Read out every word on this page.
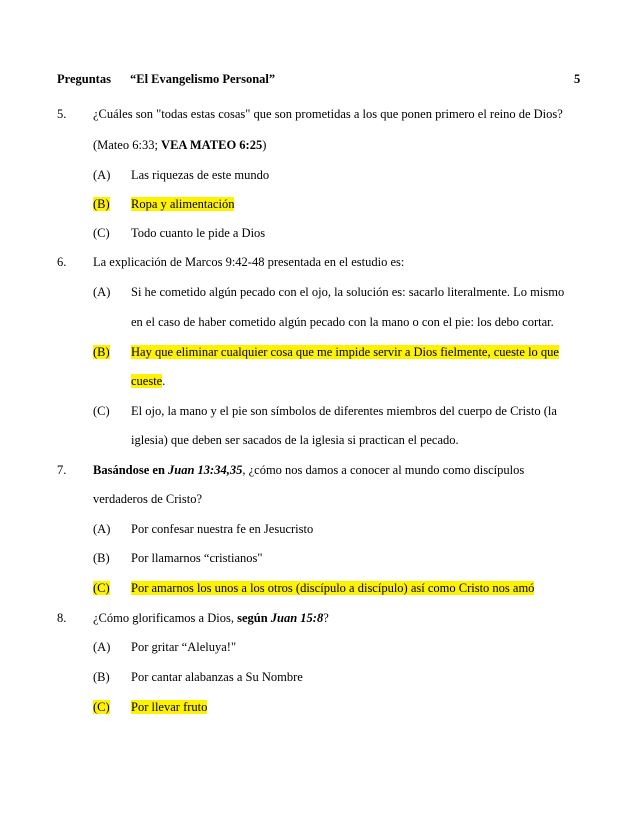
Preguntas “El Evangelismo Personal”	5
5. ¿Cuáles son "todas estas cosas" que son prometidas a los que ponen primero el reino de Dios?
(Mateo 6:33; VEA MATEO 6:25)
(A) Las riquezas de este mundo
(B) Ropa y alimentación
(C) Todo cuanto le pide a Dios
6. La explicación de Marcos 9:42-48 presentada en el estudio es:
(A) Si he cometido algún pecado con el ojo, la solución es: sacarlo literalmente. Lo mismo
en el caso de haber cometido algún pecado con la mano o con el pie: los debo cortar.
(B) Hay que eliminar cualquier cosa que me impide servir a Dios fielmente, cueste lo que
cueste.
(C) El ojo, la mano y el pie son símbolos de diferentes miembros del cuerpo de Cristo (la
iglesia) que deben ser sacados de la iglesia si practican el pecado.
7. Basándose en Juan 13:34,35, ¿cómo nos damos a conocer al mundo como discípulos
verdaderos de Cristo?
(A) Por confesar nuestra fe en Jesucristo
(B) Por llamarnos “cristianos"
(C) Por amarnos los unos a los otros (discípulo a discípulo) así como Cristo nos amó
8. ¿Cómo glorificamos a Dios, según Juan 15:8?
(A) Por gritar “Aleluya!"
(B) Por cantar alabanzas a Su Nombre
(C) Por llevar fruto
